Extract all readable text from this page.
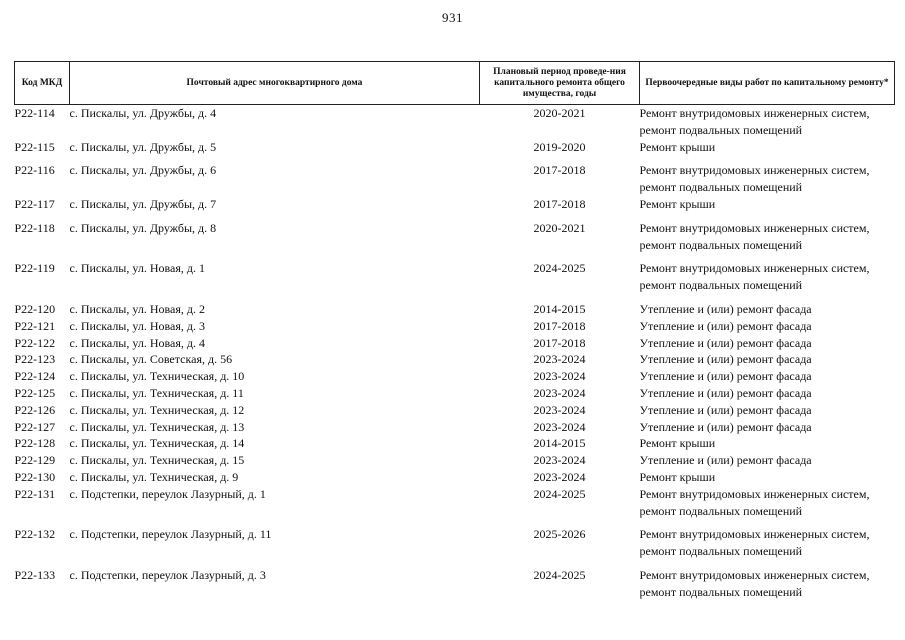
931
Код МКД	Почтовый адрес многоквартирного дома	Плановый период проведе-ния капитального ремонта общего имущества, годы	Первоочередные виды работ по капитальному ремонту*
Р22-114	с. Пискалы, ул. Дружбы, д. 4	2020-2021	Ремонт внутридомовых инженерных систем,
ремонт подвальных помещений

Р22-115	с. Пискалы, ул. Дружбы, д. 5	2019-2020	Ремонт крыши

Р22-116	с. Пискалы, ул. Дружбы, д. 6	2017-2018	Ремонт внутридомовых инженерных систем,
ремонт подвальных помещений

Р22-117	с. Пискалы, ул. Дружбы, д. 7	2017-2018	Ремонт крыши

Р22-118	с. Пискалы, ул. Дружбы, д. 8	2020-2021	Ремонт внутридомовых инженерных систем,
ремонт подвальных помещений

Р22-119	с. Пискалы, ул. Новая, д. 1	2024-2025	Ремонт внутридомовых инженерных систем,
ремонт подвальных помещений

Р22-120	с. Пискалы, ул. Новая, д. 2	2014-2015	Утепление и (или) ремонт фасада

Р22-121	с. Пискалы, ул. Новая, д. 3	2017-2018	Утепление и (или) ремонт фасада

Р22-122	с. Пискалы, ул. Новая, д. 4	2017-2018	Утепление и (или) ремонт фасада

Р22-123	с. Пискалы, ул. Советская, д. 56	2023-2024	Утепление и (или) ремонт фасада

Р22-124	с. Пискалы, ул. Техническая, д. 10	2023-2024	Утепление и (или) ремонт фасада

Р22-125	с. Пискалы, ул. Техническая, д. 11	2023-2024	Утепление и (или) ремонт фасада

Р22-126	с. Пискалы, ул. Техническая, д. 12	2023-2024	Утепление и (или) ремонт фасада

Р22-127	с. Пискалы, ул. Техническая, д. 13	2023-2024	Утепление и (или) ремонт фасада

Р22-128	с. Пискалы, ул. Техническая, д. 14	2014-2015	Ремонт крыши

Р22-129	с. Пискалы, ул. Техническая, д. 15	2023-2024	Утепление и (или) ремонт фасада

Р22-130	с. Пискалы, ул. Техническая, д. 9	2023-2024	Ремонт крыши

Р22-131	с. Подстепки, переулок Лазурный, д. 1	2024-2025	Ремонт внутридомовых инженерных систем,
ремонт подвальных помещений

Р22-132	с. Подстепки, переулок Лазурный, д. 11	2025-2026	Ремонт внутридомовых инженерных систем,
ремонт подвальных помещений

Р22-133	с. Подстепки, переулок Лазурный, д. 3	2024-2025	Ремонт внутридомовых инженерных систем,
ремонт подвальных помещений
